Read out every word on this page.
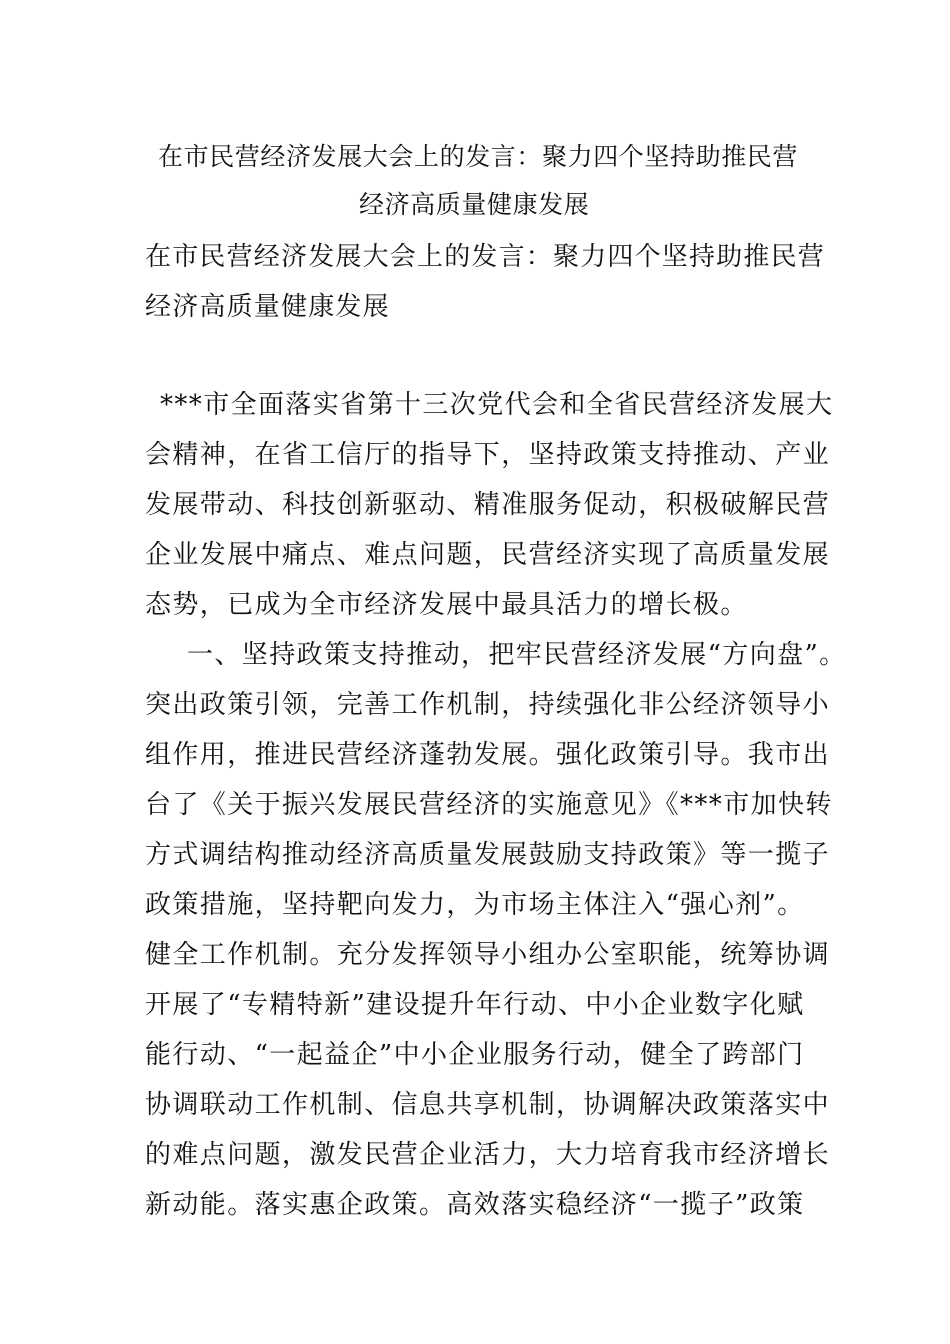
在市民营经济发展大会上的发言：聚力四个坚持助推民营

经济高质量健康发展

在市民营经济发展大会上的发言：聚力四个坚持助推民营

经济高质量健康发展

***市全面落实省第十三次党代会和全省民营经济发展大

会精神，在省工信厅的指导下，坚持政策支持推动、产业

发展带动、科技创新驱动、精准服务促动，积极破解民营

企业发展中痛点、难点问题，民营经济实现了高质量发展

态势，已成为全市经济发展中最具活力的增长极。

一、坚持政策支持推动，把牢民营经济发展“方向盘”。

突出政策引领，完善工作机制，持续强化非公经济领导小

组作用，推进民营经济蓬勃发展。强化政策引导。我市出

台了《关于振兴发展民营经济的实施意见》《***市加快转

方式调结构推动经济高质量发展鼓励支持政策》等一揽子

政策措施，坚持靶向发力，为市场主体注入“强心剂”。

健全工作机制。充分发挥领导小组办公室职能，统筹协调

开展了“专精特新”建设提升年行动、中小企业数字化赋

能行动、“一起益企”中小企业服务行动，健全了跨部门

协调联动工作机制、信息共享机制，协调解决政策落实中

的难点问题，激发民营企业活力，大力培育我市经济增长

新动能。落实惠企政策。高效落实稳经济“一揽子”政策
